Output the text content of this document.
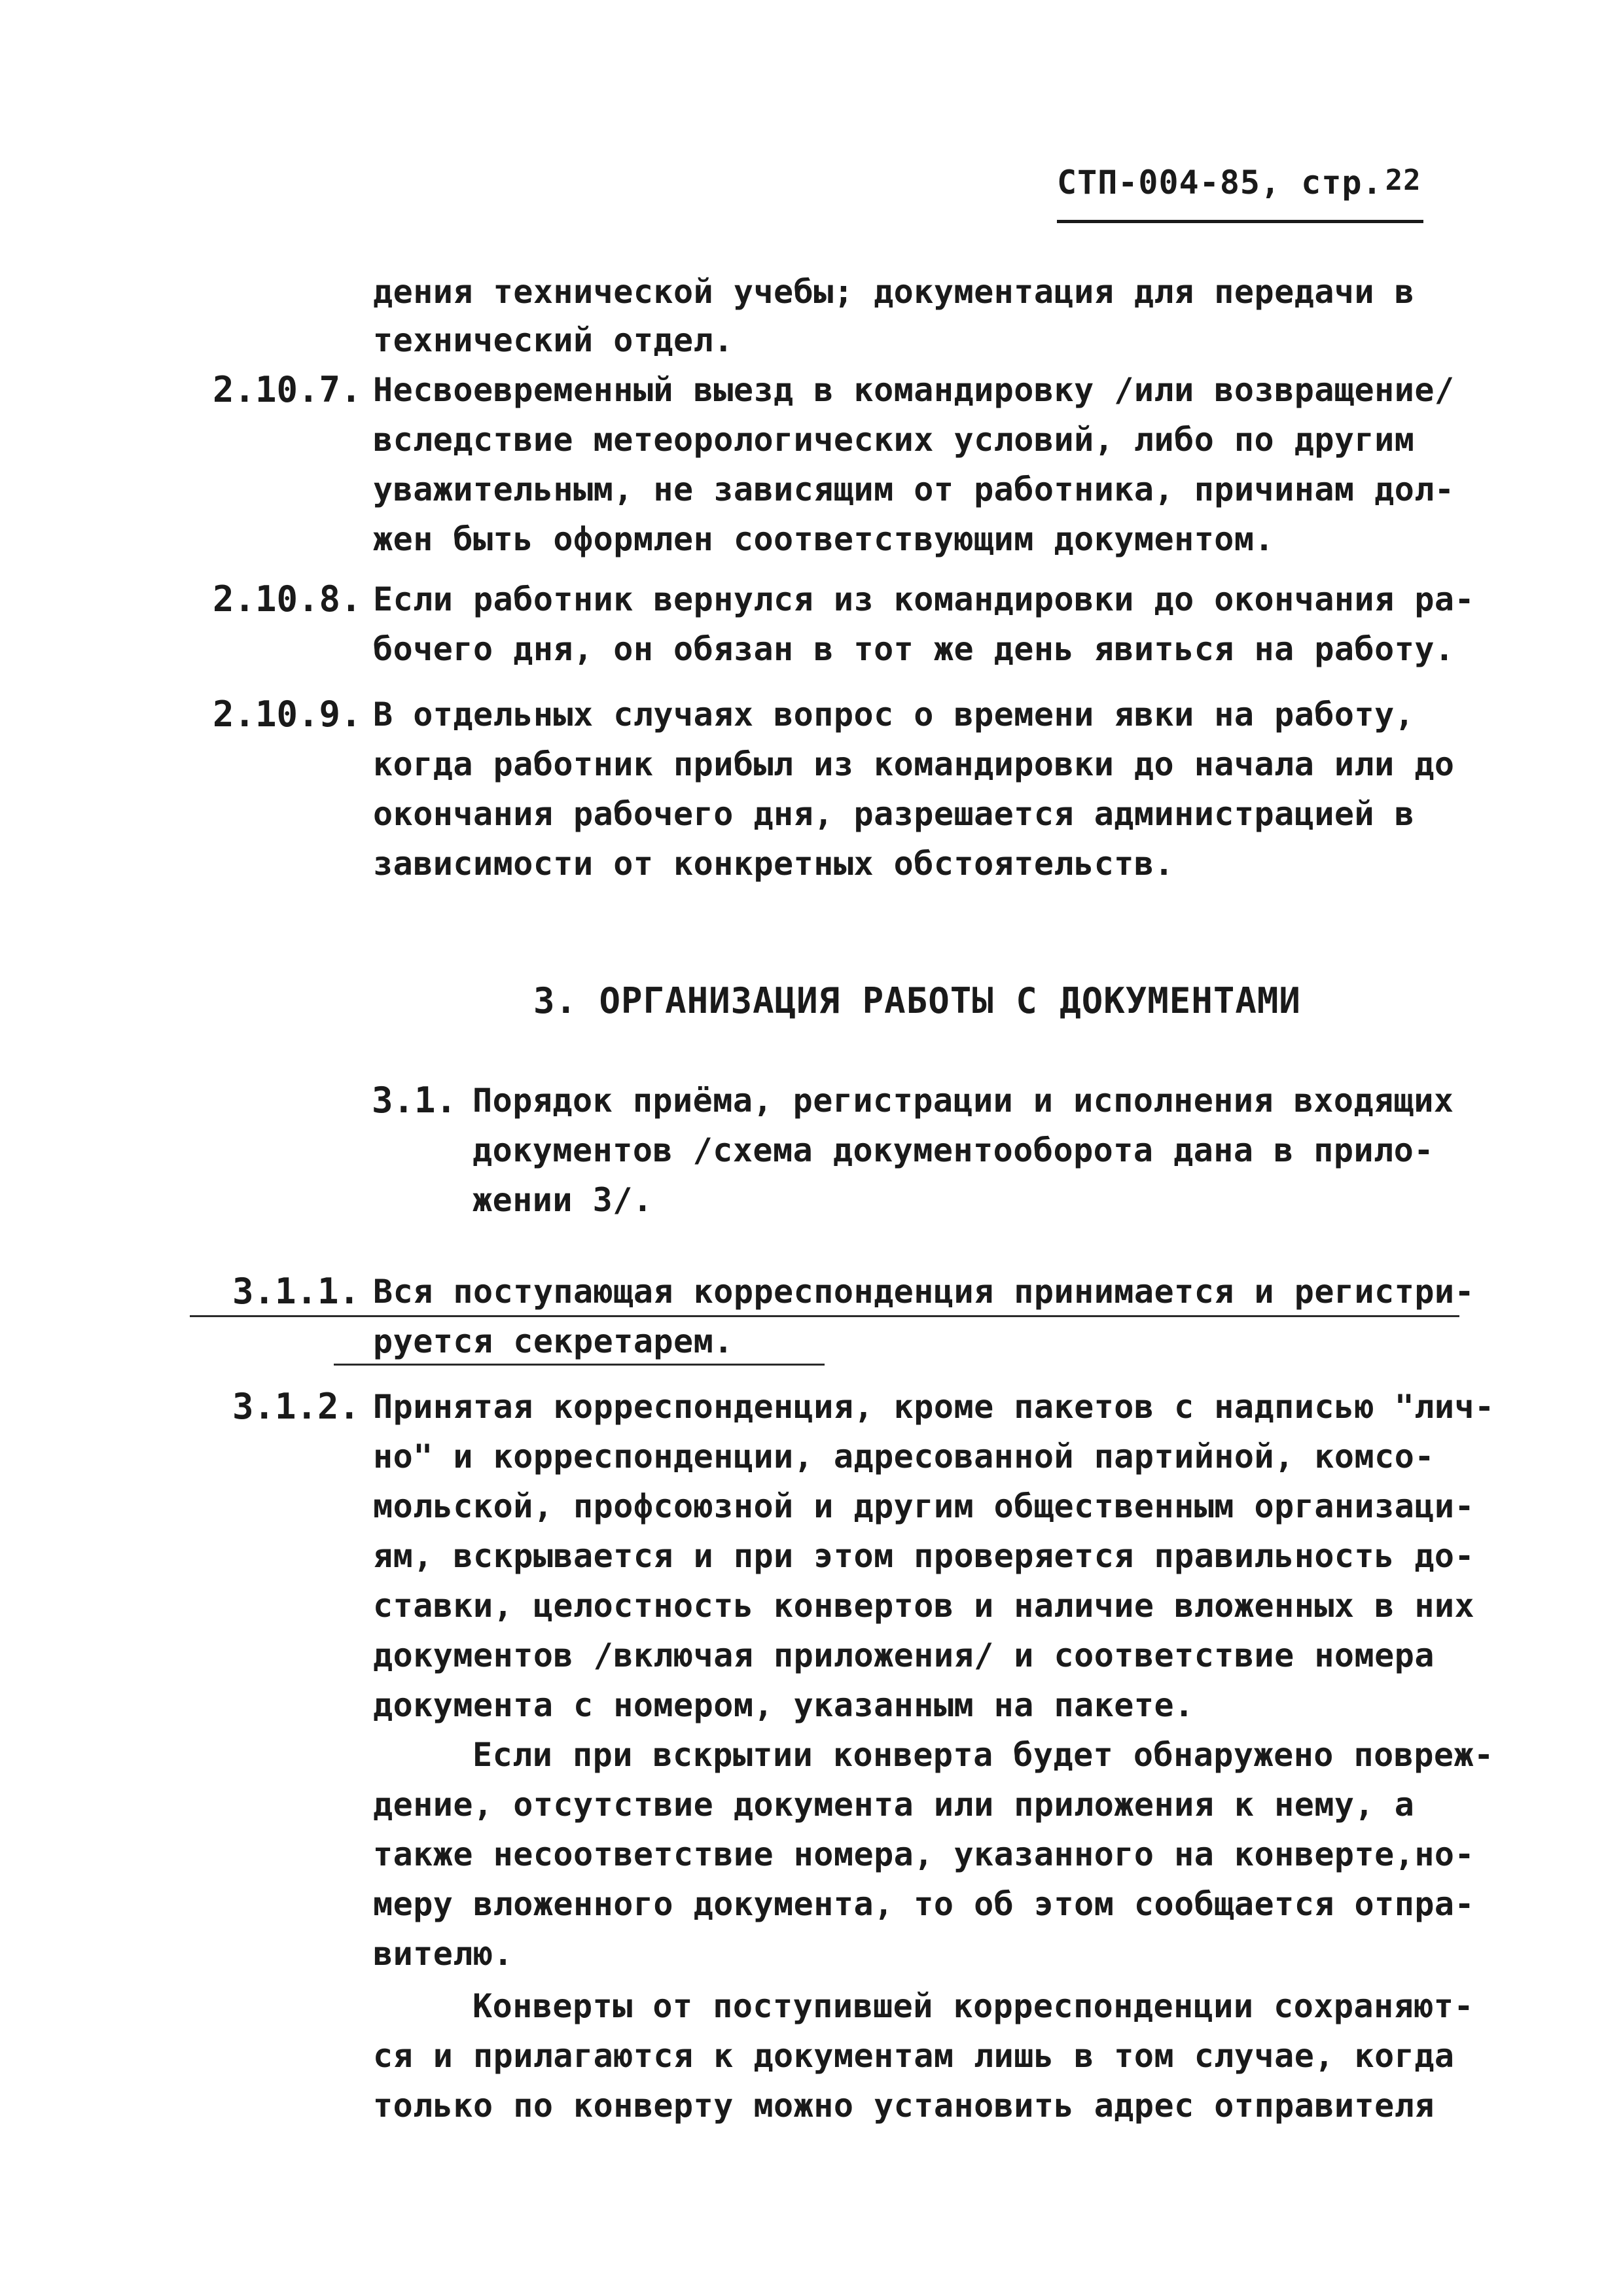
СТП-004-85, стр.22
дения технической учебы; документация для передачи в
технический отдел.
2.10.7. Несвоевременный выезд в командировку /или возвращение/
вследствие метеорологических условий, либо по другим
уважительным, не зависящим от работника, причинам дол-
жен быть оформлен соответствующим документом.
2.10.8. Если работник вернулся из командировки до окончания ра-
бочего дня, он обязан в тот же день явиться на работу.
2.10.9. В отдельных случаях вопрос о времени явки на работу,
когда работник прибыл из командировки до начала или до
окончания рабочего дня, разрешается администрацией в
зависимости от конкретных обстоятельств.
3. ОРГАНИЗАЦИЯ РАБОТЫ С ДОКУМЕНТАМИ
3.1. Порядок приёма, регистрации и исполнения входящих
документов /схема документооборота дана в прило-
жении 3/.
3.1.1. Вся поступающая корреспонденция принимается и регистри-
руется секретарем.
3.1.2. Принятая корреспонденция, кроме пакетов с надписью "лич-
но" и корреспонденции, адресованной партийной, комсо-
мольской, профсоюзной и другим общественным организаци-
ям, вскрывается и при этом проверяется правильность до-
ставки, целостность конвертов и наличие вложенных в них
документов /включая приложения/ и соответствие номера
документа с номером, указанным на пакете.
Если при вскрытии конверта будет обнаружено повреж-
дение, отсутствие документа или приложения к нему, а
также несоответствие номера, указанного на конверте,но-
меру вложенного документа, то об этом сообщается отпра-
вителю.
Конверты от поступившей корреспонденции сохраняют-
ся и прилагаются к документам лишь в том случае, когда
только по конверту можно установить адрес отправителя
